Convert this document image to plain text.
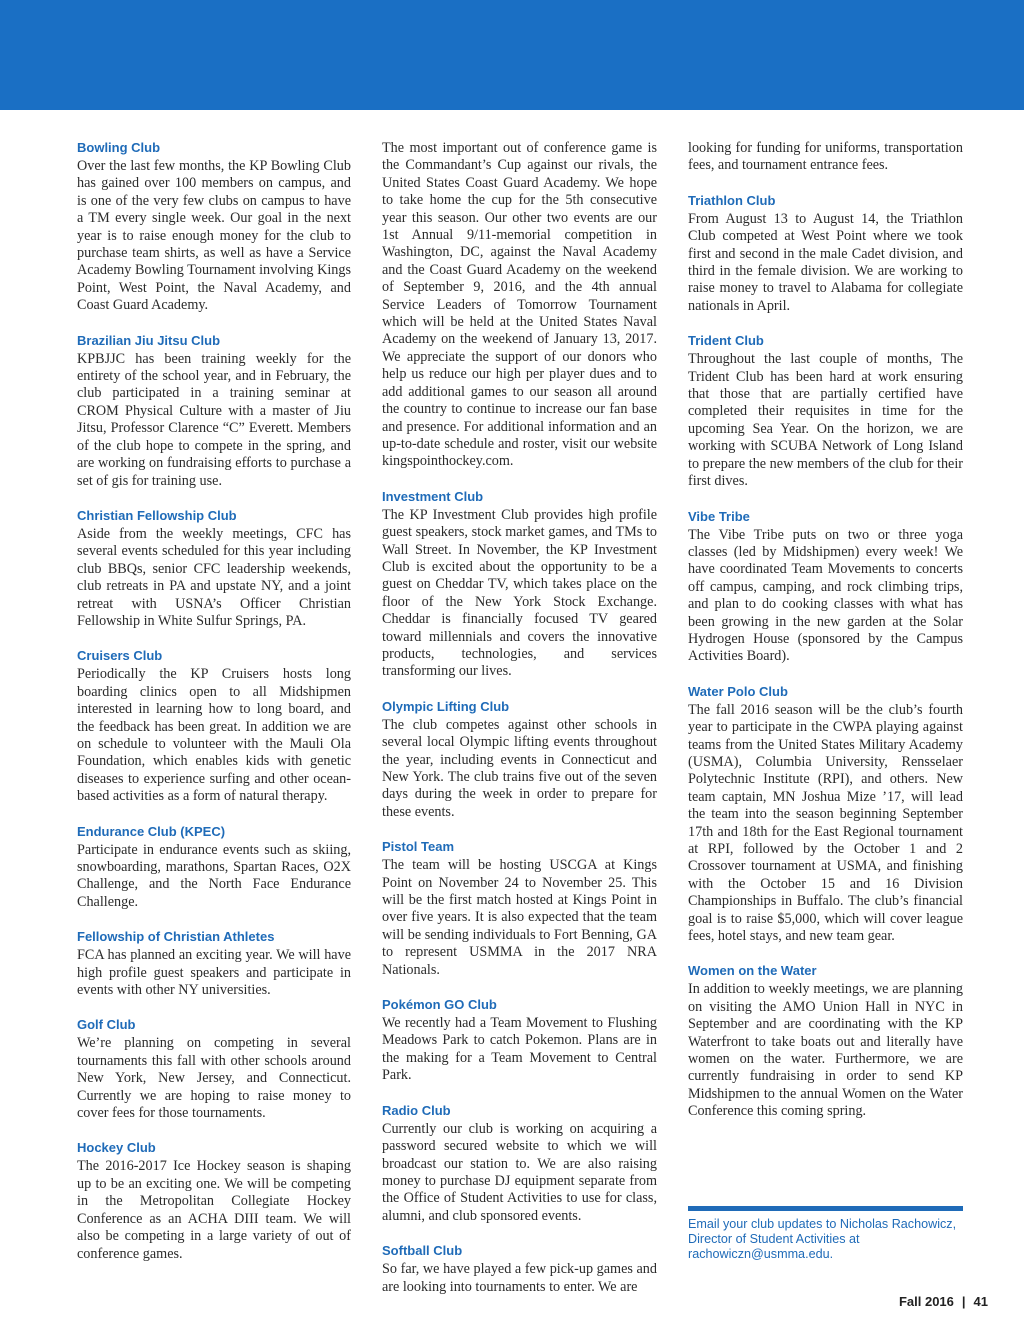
Bowling Club

Over the last few months, the KP Bowling Club has gained over 100 members on campus, and is one of the very few clubs on campus to have a TM every single week. Our goal in the next year is to raise enough money for the club to purchase team shirts, as well as have a Service Academy Bowling Tournament involving Kings Point, West Point, the Naval Academy, and Coast Guard Academy.

Brazilian Jiu Jitsu Club

KPBJJC has been training weekly for the entirety of the school year, and in February, the club participated in a training seminar at CROM Physical Culture with a master of Jiu Jitsu, Professor Clarence “C” Everett. Members of the club hope to compete in the spring, and are working on fundraising efforts to purchase a set of gis for training use.

Christian Fellowship Club

Aside from the weekly meetings, CFC has several events scheduled for this year including club BBQs, senior CFC leadership weekends, club retreats in PA and upstate NY, and a joint retreat with USNA’s Officer Christian Fellowship in White Sulfur Springs, PA.

Cruisers Club

Periodically the KP Cruisers hosts long boarding clinics open to all Midshipmen interested in learning how to long board, and the feedback has been great. In addition we are on schedule to volunteer with the Mauli Ola Foundation, which enables kids with genetic diseases to experience surfing and other ocean-based activities as a form of natural therapy.

Endurance Club (KPEC)

Participate in endurance events such as skiing, snowboarding, marathons, Spartan Races, O2X Challenge, and the North Face Endurance Challenge.

Fellowship of Christian Athletes

FCA has planned an exciting year. We will have high profile guest speakers and participate in events with other NY universities.

Golf Club

We’re planning on competing in several tournaments this fall with other schools around New York, New Jersey, and Connecticut. Currently we are hoping to raise money to cover fees for those tournaments.

Hockey Club

The 2016-2017 Ice Hockey season is shaping up to be an exciting one. We will be competing in the Metropolitan Collegiate Hockey Conference as an ACHA DIII team. We will also be competing in a large variety of out of conference games.

The most important out of conference game is the Commandant’s Cup against our rivals, the United States Coast Guard Academy. We hope to take home the cup for the 5th consecutive year this season. Our other two events are our 1st Annual 9/11-memorial competition in Washington, DC, against the Naval Academy and the Coast Guard Academy on the weekend of September 9, 2016, and the 4th annual Service Leaders of Tomorrow Tournament which will be held at the United States Naval Academy on the weekend of January 13, 2017. We appreciate the support of our donors who help us reduce our high per player dues and to add additional games to our season all around the country to continue to increase our fan base and presence. For additional information and an up-to-date schedule and roster, visit our website kingspointhockey.com.

Investment Club

The KP Investment Club provides high profile guest speakers, stock market games, and TMs to Wall Street. In November, the KP Investment Club is excited about the opportunity to be a guest on Cheddar TV, which takes place on the floor of the New York Stock Exchange. Cheddar is financially focused TV geared toward millennials and covers the innovative products, technologies, and services transforming our lives.

Olympic Lifting Club

The club competes against other schools in several local Olympic lifting events throughout the year, including events in Connecticut and New York. The club trains five out of the seven days during the week in order to prepare for these events.

Pistol Team

The team will be hosting USCGA at Kings Point on November 24 to November 25. This will be the first match hosted at Kings Point in over five years. It is also expected that the team will be sending individuals to Fort Benning, GA to represent USMMA in the 2017 NRA Nationals.

Pokémon GO Club

We recently had a Team Movement to Flushing Meadows Park to catch Pokemon. Plans are in the making for a Team Movement to Central Park.

Radio Club

Currently our club is working on acquiring a password secured website to which we will broadcast our station to. We are also raising money to purchase DJ equipment separate from the Office of Student Activities to use for class, alumni, and club sponsored events.

Softball Club

So far, we have played a few pick-up games and are looking into tournaments to enter. We are

looking for funding for uniforms, transportation fees, and tournament entrance fees.

Triathlon Club

From August 13 to August 14, the Triathlon Club competed at West Point where we took first and second in the male Cadet division, and third in the female division. We are working to raise money to travel to Alabama for collegiate nationals in April.

Trident Club

Throughout the last couple of months, The Trident Club has been hard at work ensuring that those that are partially certified have completed their requisites in time for the upcoming Sea Year. On the horizon, we are working with SCUBA Network of Long Island to prepare the new members of the club for their first dives.

Vibe Tribe

The Vibe Tribe puts on two or three yoga classes (led by Midshipmen) every week! We have coordinated Team Movements to concerts off campus, camping, and rock climbing trips, and plan to do cooking classes with what has been growing in the new garden at the Solar Hydrogen House (sponsored by the Campus Activities Board).

Water Polo Club

The fall 2016 season will be the club’s fourth year to participate in the CWPA playing against teams from the United States Military Academy (USMA), Columbia University, Rensselaer Polytechnic Institute (RPI), and others. New team captain, MN Joshua Mize ’17, will lead the team into the season beginning September 17th and 18th for the East Regional tournament at RPI, followed by the October 1 and 2 Crossover tournament at USMA, and finishing with the October 15 and 16 Division Championships in Buffalo. The club’s financial goal is to raise $5,000, which will cover league fees, hotel stays, and new team gear.

Women on the Water

In addition to weekly meetings, we are planning on visiting the AMO Union Hall in NYC in September and are coordinating with the KP Waterfront to take boats out and literally have women on the water. Furthermore, we are currently fundraising in order to send KP Midshipmen to the annual Women on the Water Conference this coming spring.

Email your club updates to Nicholas Rachowicz, Director of Student Activities at rachowiczn@usmma.edu.

Fall 2016 | 41
